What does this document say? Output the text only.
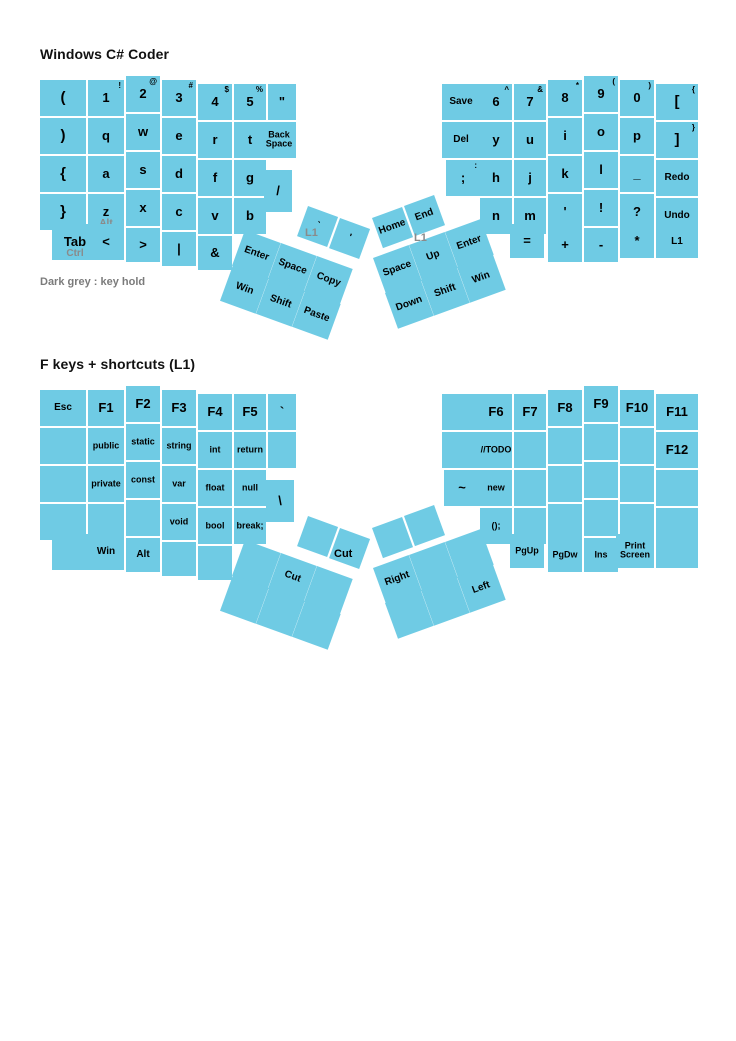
Windows C# Coder
(
)
{
}
Tab
Ctrl
1
!
q
a
z
<
2
@
w
s
x
>
3
#
e
d
c
|
4
$
r
f
v
&
5
%
t
g
b
"
Back Space
/
`
'
Enter
Space
Copy
Win
Shift
Paste
L1
Save
Del
;
:
6
^
y
h
n
7
&
u
j
m
=
8
*
i
k
'
+
9
(
o
l
!
-
0
)
p
_
?
*
[
{
]
}
Redo
Undo
L1
End
Home
Enter
Up
Space	Win
Shift
Down
L1
Dark grey : key hold
F keys + shortcuts (L1)
Esc	F1
public
private
Win
F2
static
const
Alt
F3
string
var
void
F4
int
float
bool
F5
return
null
break;
`
\
Cut
Cut
~
F6
//TODO
new
();
F7
PgUp
F8
PgDw
F9
Ins
F10
Print Screen
F11
F12
Right	Left
